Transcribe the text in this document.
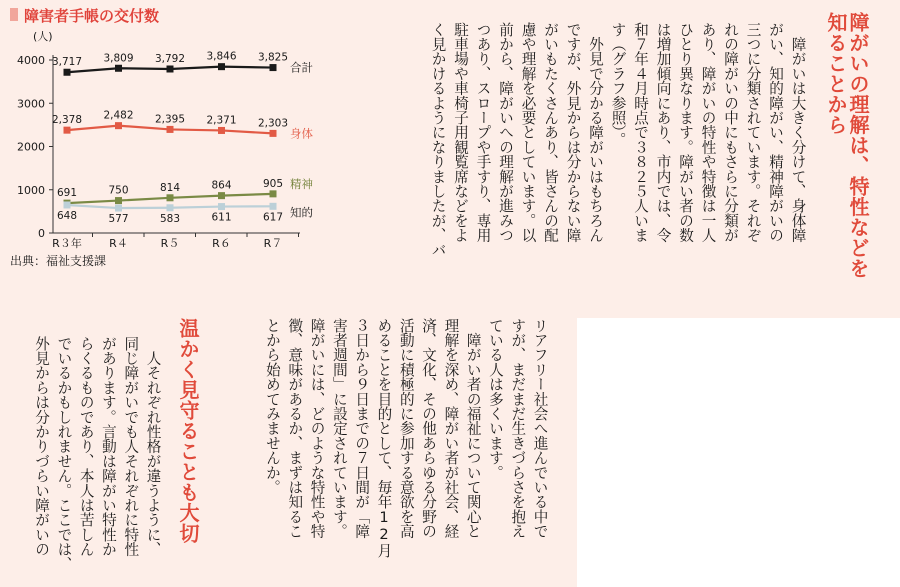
障害者手帳の交付数
(人)
0
1000
2000
3000
4000
R３年 R４	R５	R６	R７
3,717 3,809 3,792 3,846 3,825
合計
2,378 2,482 2,395 2,371 2,303
身体
691	750	814	864	905 精神
648	577	583	611	617 知的
出典：福祉支援課	障がいの理解は、特性などを
知ることから
　障がいは大きく分けて、身体障
がい、知的障がい、精神障がいの
三つに分類されています。それぞ
れの障がいの中にもさらに分類が
あり、障がいの特性や特徴は一人
ひとり異なります。障がい者の数
は増加傾向にあり、市内では、令
和７年４月時点で３８２５人いま
す（グラフ参照）。
　外見で分かる障がいはもちろん
ですが、外見からは分からない障
がいもたくさんあり、皆さんの配
慮や理解を必要としています。以
前から、障がいへの理解が進みつ
つあり、スロープや手すり、専用
駐車場や車椅子用観覧席などをよ
く見かけるようになりましたが、バ
リアフリー社会へ進んでいる中で
すが、まだまだ生きづらさを抱え
ている人は多くいます。
　障がい者の福祉について関心と
理解を深め、障がい者が社会、経
済、文化、その他あらゆる分野の
活動に積極的に参加する意欲を高
めることを目的として、毎年12月
３日から９日までの７日間が「障
害者週間」に設定されています。
障がいには、どのような特性や特
徴、意味があるか、まずは知るこ
とから始めてみませんか。
温かく見守ることも大切
　人それぞれ性格が違うように、
同じ障がいでも人それぞれに特性
があります。言動は障がい特性か
らくるものであり、本人は苦しん
でいるかもしれません。ここでは、
外見からは分かりづらい障がいの
